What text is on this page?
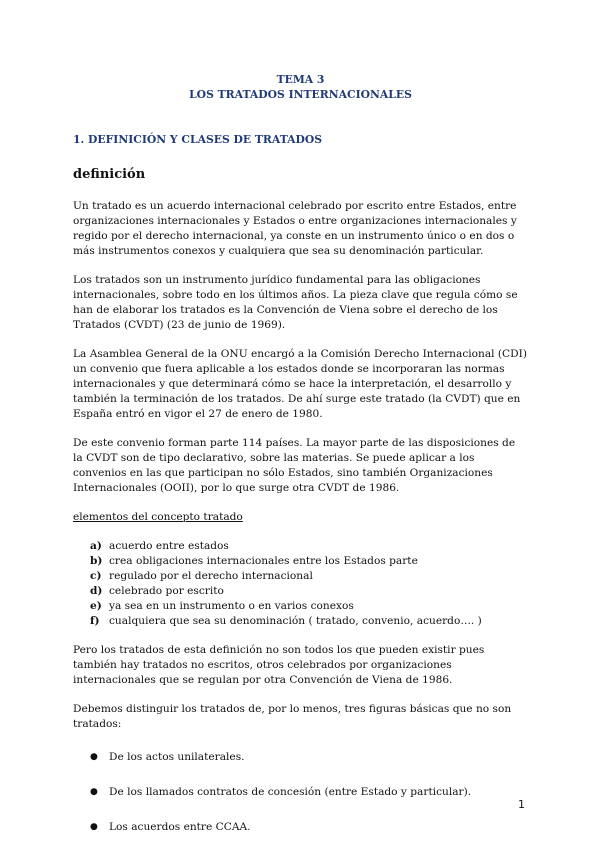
TEMA 3

LOS TRATADOS INTERNACIONALES

1. DEFINICIÓN Y CLASES DE TRATADOS

definición

Un tratado es un acuerdo internacional celebrado por escrito entre Estados, entre organizaciones internacionales y Estados o entre organizaciones internacionales y regido por el derecho internacional, ya conste en un instrumento único o en dos o más instrumentos conexos y cualquiera que sea su denominación particular.

Los tratados son un instrumento jurídico fundamental para las obligaciones internacionales, sobre todo en los últimos años. La pieza clave que regula cómo se han de elaborar los tratados es la Convención de Viena sobre el derecho de los Tratados (CVDT) (23 de junio de 1969).

La Asamblea General de la ONU encargó a la Comisión Derecho Internacional (CDI) un convenio que fuera aplicable a los estados donde se incorporaran las normas internacionales y que determinará cómo se hace la interpretación, el desarrollo y también la terminación de los tratados. De ahí surge este tratado (la CVDT) que en España entró en vigor el 27 de enero de 1980.

De este convenio forman parte 114 países. La mayor parte de las disposiciones de la CVDT son de tipo declarativo, sobre las materias. Se puede aplicar a los convenios en las que participan no sólo Estados, sino también Organizaciones Internacionales (OOII), por lo que surge otra CVDT de 1986.

elementos del concepto tratado

a) acuerdo entre estados
b) crea obligaciones internacionales entre los Estados parte
c) regulado por el derecho internacional
d) celebrado por escrito
e) ya sea en un instrumento o en varios conexos
f) cualquiera que sea su denominación ( tratado, convenio, acuerdo…. )

Pero los tratados de esta definición no son todos los que pueden existir pues también hay tratados no escritos, otros celebrados por organizaciones internacionales que se regulan por otra Convención de Viena de 1986.

Debemos distinguir los tratados de, por lo menos, tres figuras básicas que no son tratados:

●	De los actos unilaterales.
●	De los llamados contratos de concesión (entre Estado y particular).
●	Los acuerdos entre CCAA.
1
